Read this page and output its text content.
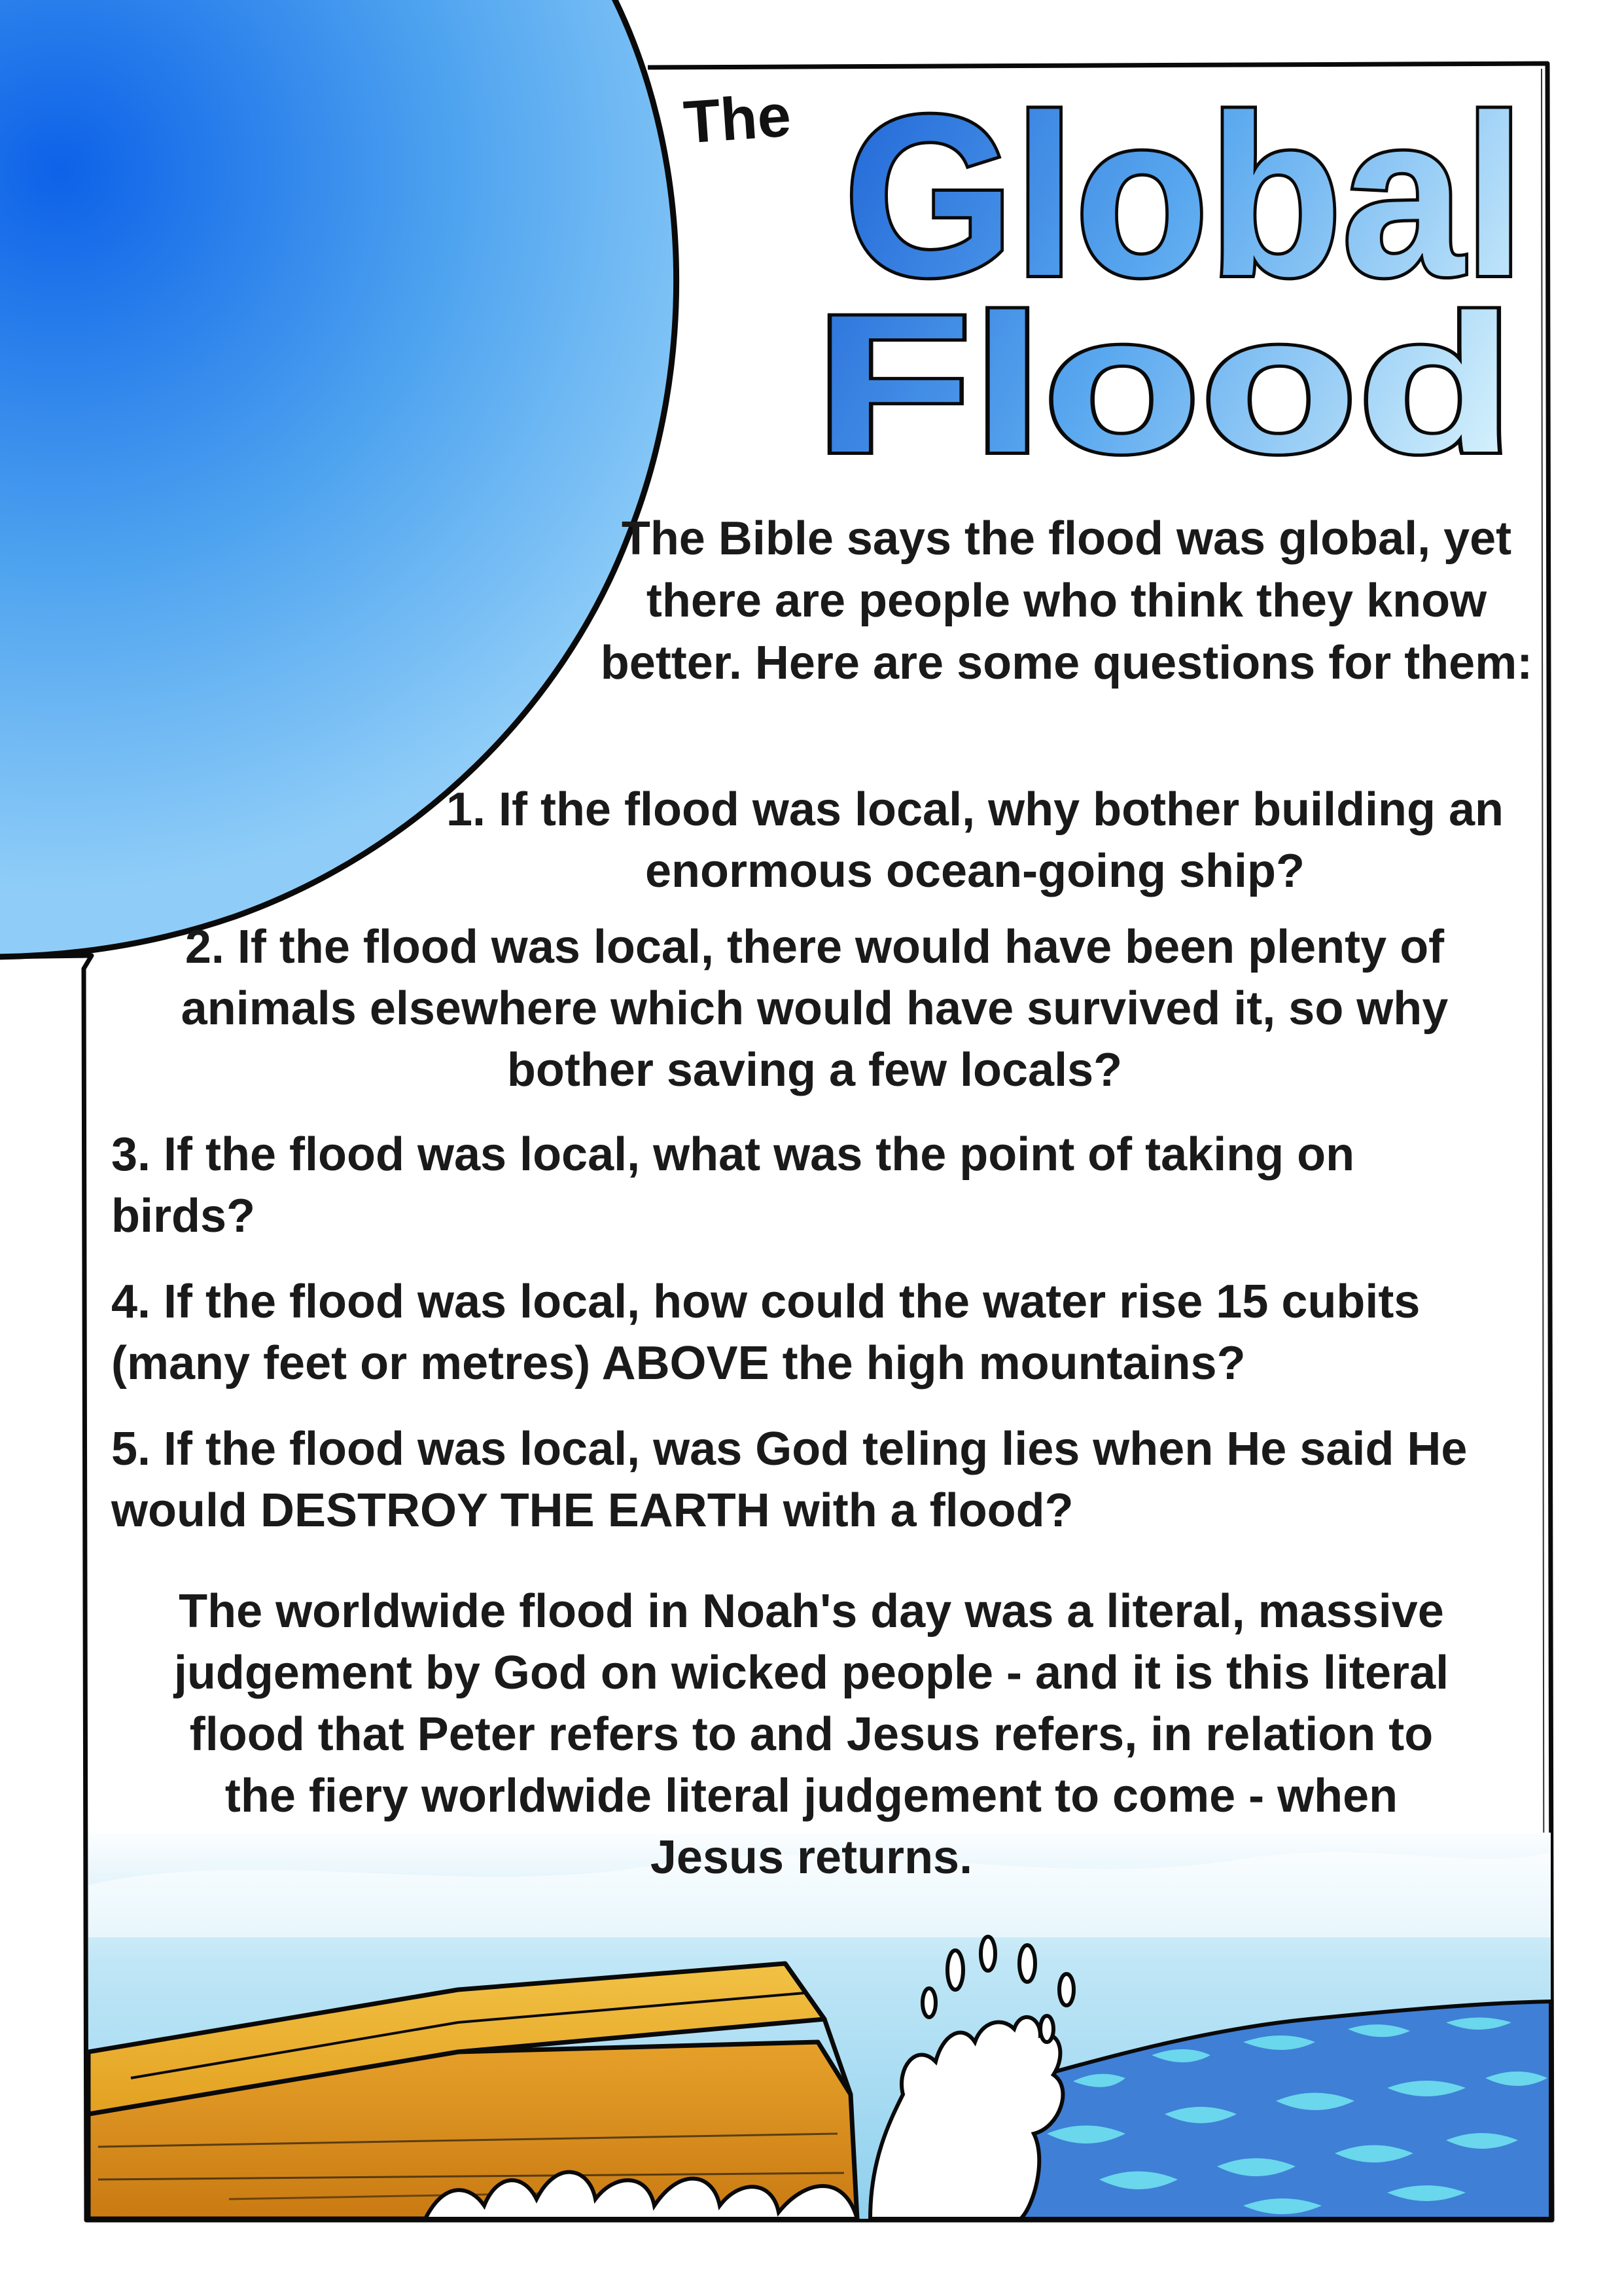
Global
Flood
The

The Bible says the flood was global, yet there are people who think they know better. Here are some questions for them:

1. If the flood was local, why bother building an enormous ocean-going ship?

2. If the flood was local, there would have been plenty of animals elsewhere which would have survived it, so why bother saving a few locals?

3. If the flood was local, what was the point of taking on birds?

4. If the flood was local, how could the water rise 15 cubits (many feet or metres) ABOVE the high mountains?

5. If the flood was local, was God teling lies when He said He would DESTROY THE EARTH with a flood?

The worldwide flood in Noah's day was a literal, massive judgement by God on wicked people - and it is this literal flood that Peter refers to and Jesus refers, in relation to the fiery worldwide literal judgement to come - when Jesus returns.
